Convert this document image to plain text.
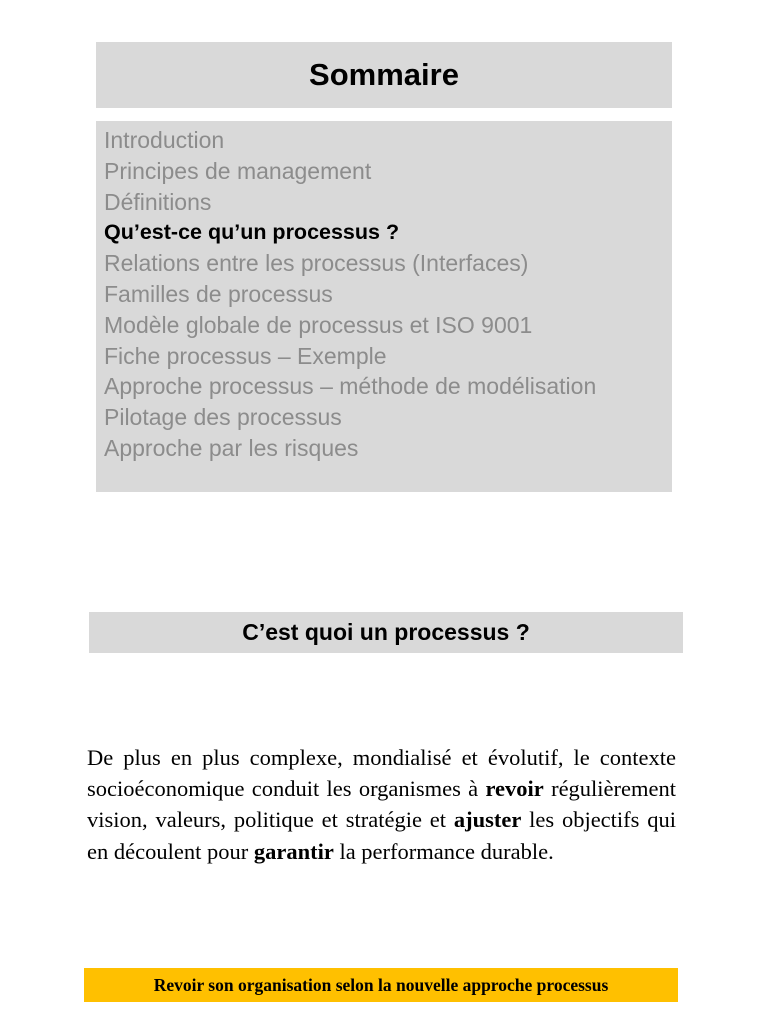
Sommaire
Introduction
Principes de management
Définitions
Qu’est-ce qu’un processus ?
Relations entre les processus (Interfaces)
Familles de processus
Modèle globale de processus et ISO 9001
Fiche processus – Exemple
Approche processus – méthode de modélisation
Pilotage des processus
Approche par les risques
C’est quoi un processus ?

De plus en plus complexe, mondialisé et évolutif, le contexte socioéconomique conduit les organismes à revoir régulièrement vision, valeurs, politique et stratégie et ajuster les objectifs qui en découlent pour garantir la performance durable.

Revoir son organisation selon la nouvelle approche processus
